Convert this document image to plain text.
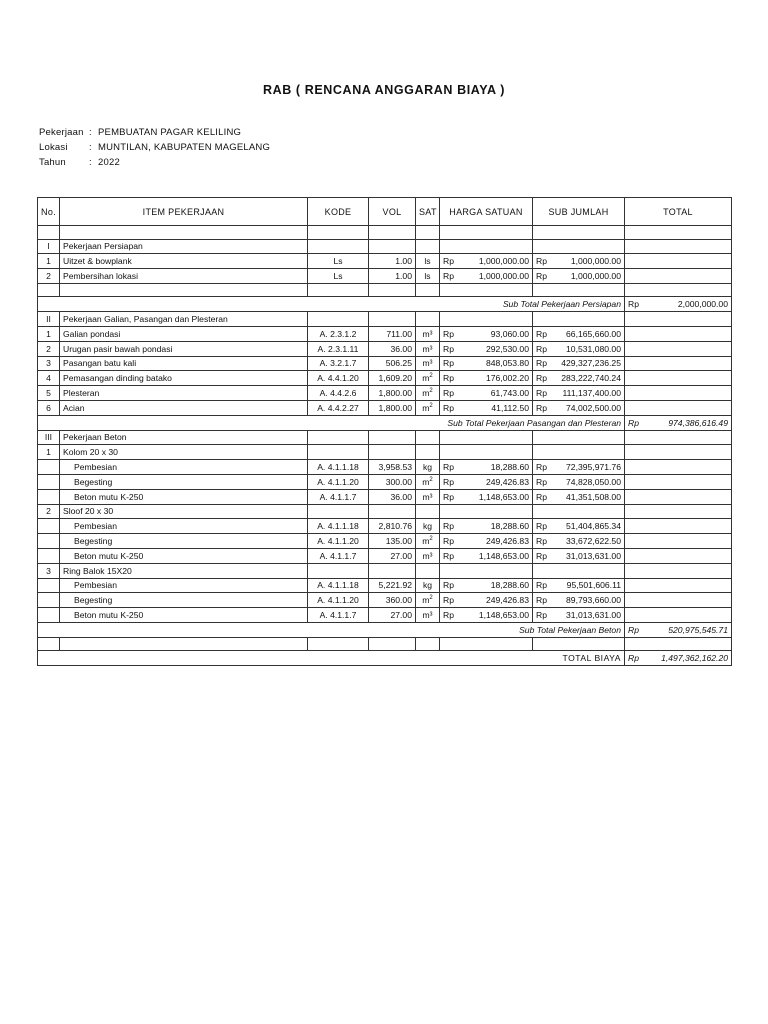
RAB ( RENCANA ANGGARAN BIAYA )
Pekerjaan : PEMBUATAN PAGAR KELILING
Lokasi : MUNTILAN, KABUPATEN MAGELANG
Tahun : 2022
No.	ITEM PEKERJAAN	KODE	VOL	SAT	HARGA SATUAN	SUB JUMLAH	TOTAL

I	Pekerjaan Persiapan						
1	Uitzet & bowplank	Ls	1.00	ls	Rp 1,000,000.00	Rp 1,000,000.00	

2	Pembersihan lokasi	Ls	1.00	ls	Rp 1,000,000.00	Rp 1,000,000.00	

Sub Total Pekerjaan Persiapan							Rp 2,000,000.00

II	Pekerjaan Galian, Pasangan dan Plesteran						
1	Galian pondasi	A. 2.3.1.2	711.00	m³	Rp 93,060.00	Rp 66,165,660.00	

2	Urugan pasir bawah pondasi	A. 2.3.1.11	36.00	m³	Rp 292,530.00	Rp 10,531,080.00	

3	Pasangan batu kali	A. 3.2.1.7	506.25	m³	Rp 848,053.80	Rp 429,327,236.25	

4	Pemasangan dinding batako	A. 4.4.1.20	1,609.20	$m^2$	Rp 176,002.20	Rp 283,222,740.24	

5	Plesteran	A. 4.4.2.6	1,800.00	$m^2$	Rp 61,743.00	Rp 111,137,400.00	

6	Acian	A. 4.4.2.27	1,800.00	$m^2$	Rp 41,112.50	Rp 74,002,500.00	

Sub Total Pekerjaan Pasangan dan Plesteran							Rp 974,386,616.49

III	Pekerjaan Beton						
1	Kolom 20 x 30						
	Pembesian	A. 4.1.1.18	3,958.53	kg	Rp 18,288.60	Rp 72,395,971.76	

	Begesting	A. 4.1.1.20	300.00	$m^2$	Rp 249,426.83	Rp 74,828,050.00	

	Beton mutu K-250	A. 4.1.1.7	36.00	m³	Rp 1,148,653.00	Rp 41,351,508.00	

2	Sloof 20 x 30						
	Pembesian	A. 4.1.1.18	2,810.76	kg	Rp 18,288.60	Rp 51,404,865.34	

	Begesting	A. 4.1.1.20	135.00	$m^2$	Rp 249,426.83	Rp 33,672,622.50	

	Beton mutu K-250	A. 4.1.1.7	27.00	m³	Rp 1,148,653.00	Rp 31,013,631.00	

3	Ring Balok 15X20						
	Pembesian	A. 4.1.1.18	5,221.92	kg	Rp 18,288.60	Rp 95,501,606.11	

	Begesting	A. 4.1.1.20	360.00	$m^2$	Rp 249,426.83	Rp 89,793,660.00	

	Beton mutu K-250	A. 4.1.1.7	27.00	m³	Rp 1,148,653.00	Rp 31,013,631.00	

Sub Total Pekerjaan Beton							Rp 520,975,545.71

TOTAL BIAYA							Rp 1,497,362,162.20
